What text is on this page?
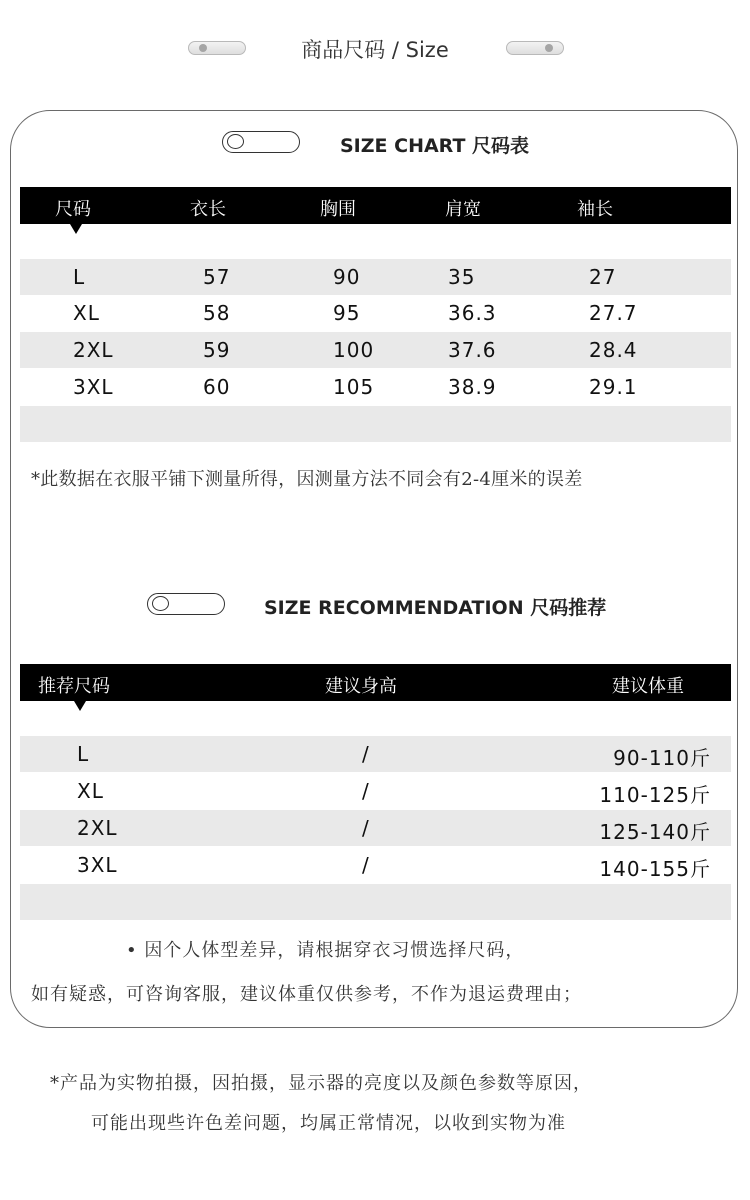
商品尺码 / Size
SIZE CHART 尺码表
尺码	衣长	胸围	肩宽	袖长
L	57	90	35	27
XL	58	95	36.3	27.7
2XL	59	100	37.6	28.4
3XL	60	105	38.9	29.1
*此数据在衣服平铺下测量所得，因测量方法不同会有2-4厘米的误差
SIZE RECOMMENDATION 尺码推荐
推荐尺码	建议身高	建议体重
L	/	90-110斤
XL	/	110-125斤
2XL	/	125-140斤
3XL	/	140-155斤
• 因个人体型差异，请根据穿衣习惯选择尺码，
如有疑惑，可咨询客服，建议体重仅供参考，不作为退运费理由；
*产品为实物拍摄，因拍摄，显示器的亮度以及颜色参数等原因，
可能出现些许色差问题，均属正常情况，以收到实物为准
